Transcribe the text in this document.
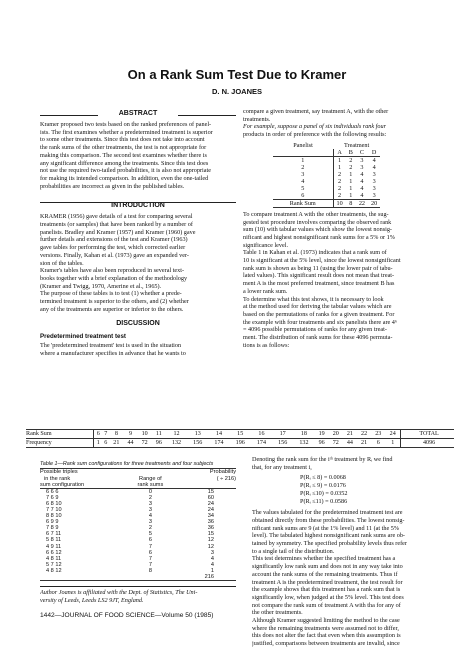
On a Rank Sum Test Due to Kramer
D. N. JOANES
ABSTRACT

Kramer proposed two tests based on the ranked preferences of panel-

ists. The first examines whether a predetermined treatment is superior

to some other treatments. Since this test does not take into account

the rank sums of the other treatments, the test is not appropriate for

making this comparison. The second test examines whether there is

any significant difference among the treatments. Since this test does

not use the required two-tailed probabilities, it is also not appropriate

for making its intended comparison. In addition, even the one-tailed

probabilities are incorrect as given in the published tables.

INTRODUCTION

KRAMER (1956) gave details of a test for comparing several

treatments (or samples) that have been ranked by a number of

panelists. Bradley and Kramer (1957) and Kramer (1960) gave

further details and extensions of the test and Kramer (1963)

gave tables for performing the test, which corrected earlier

versions. Finally, Kahan et al. (1973) gave an expanded ver-

sion of the tables.

Kramer's tables have also been reproduced in several text-

books together with a brief explanation of the methodology

(Kramer and Twigg, 1970, Amerine et al., 1965).

The purpose of these tables is to test (1) whether a prede-

termined treatment is superior to the others, and (2) whether

any of the treatments are superior or inferior to the others.

DISCUSSION

Predetermined treatment test

The 'predetermined treatment' test is used in the situation

where a manufacturer specifies in advance that he wants to

compare a given treatment, say treatment A, with the other

treatments.

For example, suppose a panel of six individuals rank four

products in order of preference with the following results:

Panelist	Treatment			
	A	B	C	D
1	1	2	3	4
2	1	2	3	4
3	2	1	4	3
4	2	1	4	3
5	2	1	4	3
6	2	1	4	3
Rank Sum	10	8	22	20

To compare treatment A with the other treatments, the sug-

gested test procedure involves comparing the observed rank

sum (10) with tabular values which show the lowest nonsig-

nificant and highest nonsignificant rank sums for a 5% or 1%

significance level.

Table 1 in Kahan et al. (1973) indicates that a rank sum of

10 is significant at the 5% level, since the lowest nonsignificant

rank sum is shown as being 11 (using the lower pair of tabu-

lated values). This significant result does not mean that treat-

ment A is the most preferred treatment, since treatment B has

a lower rank sum.

To determine what this test shows, it is necessary to look

at the method used for deriving the tabular values which are

based on the permutations of ranks for a given treatment. For

the example with four treatments and six panelists there are 4⁶

= 4096 possible permutations of ranks for any given treat-

ment. The distribution of rank sums for these 4096 permuta-

tions is as follows:

Rank Sum	6	7	8	9	10	11	12	13	14	15	16	17	18	19	20	21	22	23	24	TOTAL
Frequency	1	6	21	44	72	96	132	156	174	196	174	156	132	96	72	44	21	6	1	4096

Table 1—Rank sum configurations for three treatments and four subjects

Possible triples		Probability
in the rank	Range of	( ÷ 216)
sum configuration	rank sums	
6 6 6	0	15
7 6 9	2	60
6 8 10	3	24
7 7 10	3	24
8 8 10	4	34
6 9 9	3	36
7 8 9	2	36
6 7 11	5	15
5 8 11	6	12
4 9 11	7	12
6 6 12	6	3
4 8 11	7	4
5 7 12	7	4
4 8 12	8	1
		216

Author Joanes is affiliated with the Dept. of Statistics, The Uni-

versity of Leeds, Leeds LS2 9JT, England.

Denoting the rank sum for the iᵗʰ treatment by Rᵢ we find

that, for any treatment i,

P(Rᵢ ≤ 8) = 0.0068

P(Rᵢ ≤ 9) = 0.0176

P(Rᵢ ≤10) = 0.0352

P(Rᵢ ≤11) = 0.0586

The values tabulated for the predetermined treatment test are

obtained directly from these probabilities. The lowest nonsig-

nificant rank sums are 9 (at the 1% level) and 11 (at the 5%

level). The tabulated highest nonsignificant rank sums are ob-

tained by symmetry. The specified probability levels thus refer

to a single tail of the distribution.

This test determines whether the specified treatment has a

significantly low rank sum and does not in any way take into

account the rank sums of the remaining treatments. Thus if

treatment A is the predetermined treatment, the test result for

the example shows that this treatment has a rank sum that is

significantly low, when judged at the 5% level. This test does

not compare the rank sum of treatment A with tha for any of

the other treatments.

Although Kramer suggested limiting the method to the case

where the remaining treatments were assumed not to differ,

this does not alter the fact that even when this assumption is

justified, comparisons between treatments are invalid, since

1442—JOURNAL OF FOOD SCIENCE—Volume 50 (1985)
